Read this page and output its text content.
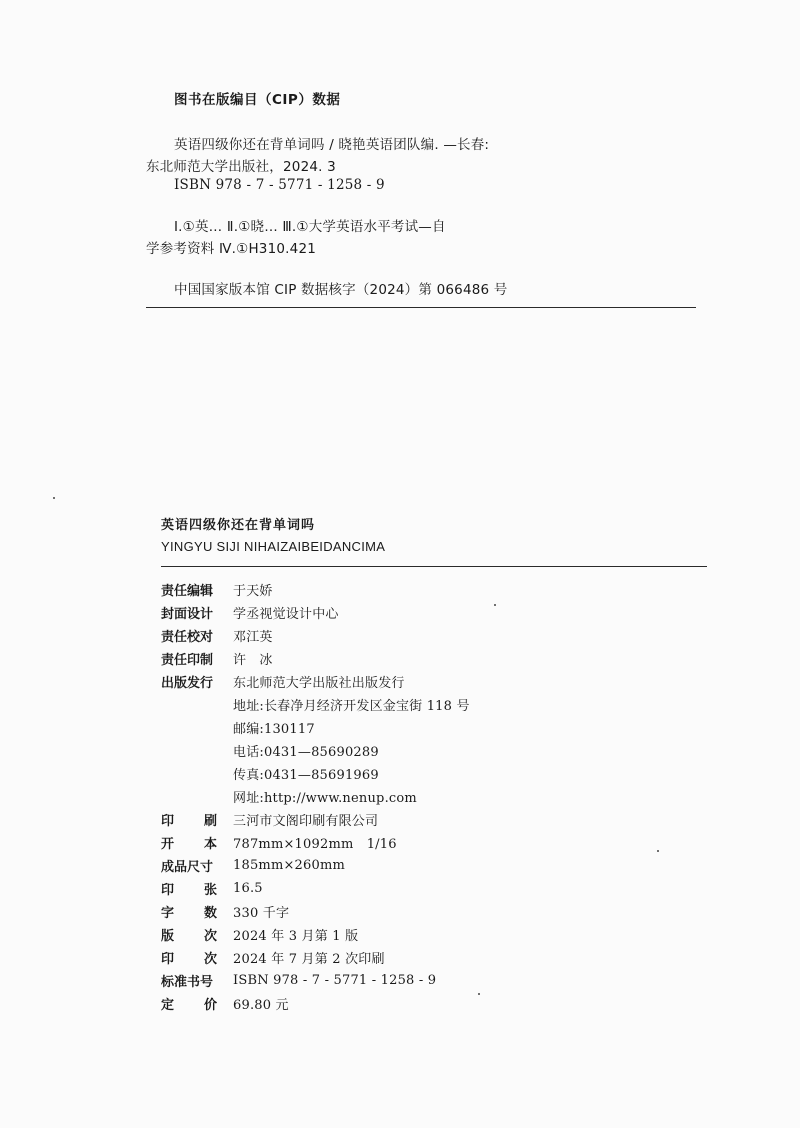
图书在版编目（CIP）数据
英语四级你还在背单词吗 / 晓艳英语团队编. —长春:
东北师范大学出版社，2024. 3
ISBN 978 - 7 - 5771 - 1258 - 9
Ⅰ.①英… Ⅱ.①晓… Ⅲ.①大学英语水平考试—自
学参考资料 Ⅳ.①H310.421
中国国家版本馆 CIP 数据核字（2024）第 066486 号
英语四级你还在背单词吗
YINGYU SIJI NIHAIZAIBEIDANCIMA
责任编辑 于天娇
封面设计 学丞视觉设计中心
责任校对 邓江英
责任印制 许　冰
出版发行 东北师范大学出版社出版发行
地址:长春净月经济开发区金宝街 118 号
邮编:130117
电话:0431—85690289
传真:0431—85691969
网址:http://www.nenup.com
印 刷 三河市文阁印刷有限公司
开 本 787mm×1092mm　1/16
成品尺寸 185mm×260mm
印 张 16.5
字 数 330 千字
版 次 2024 年 3 月第 1 版
印 次 2024 年 7 月第 2 次印刷
标准书号 ISBN 978 - 7 - 5771 - 1258 - 9
定 价 69.80 元
